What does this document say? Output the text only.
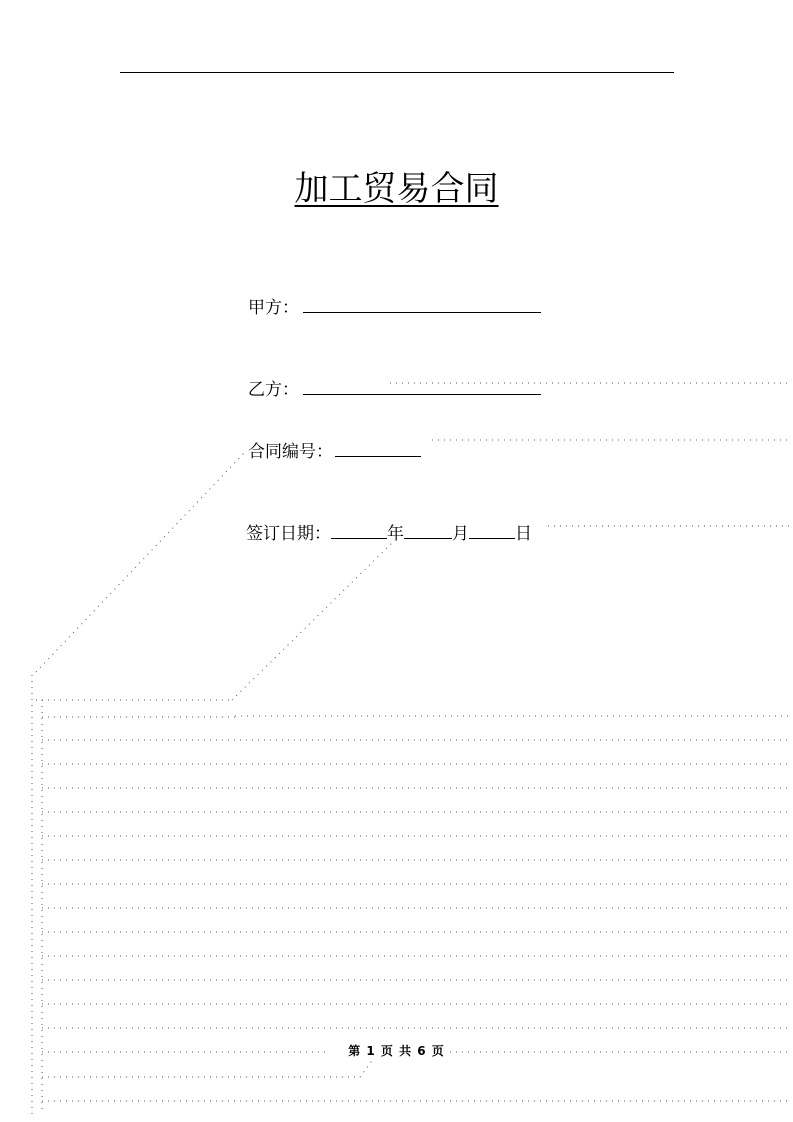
加工贸易合同
甲方：
乙方：
合同编号：
签订日期：	年	月	日
第 1 页 共 6 页
